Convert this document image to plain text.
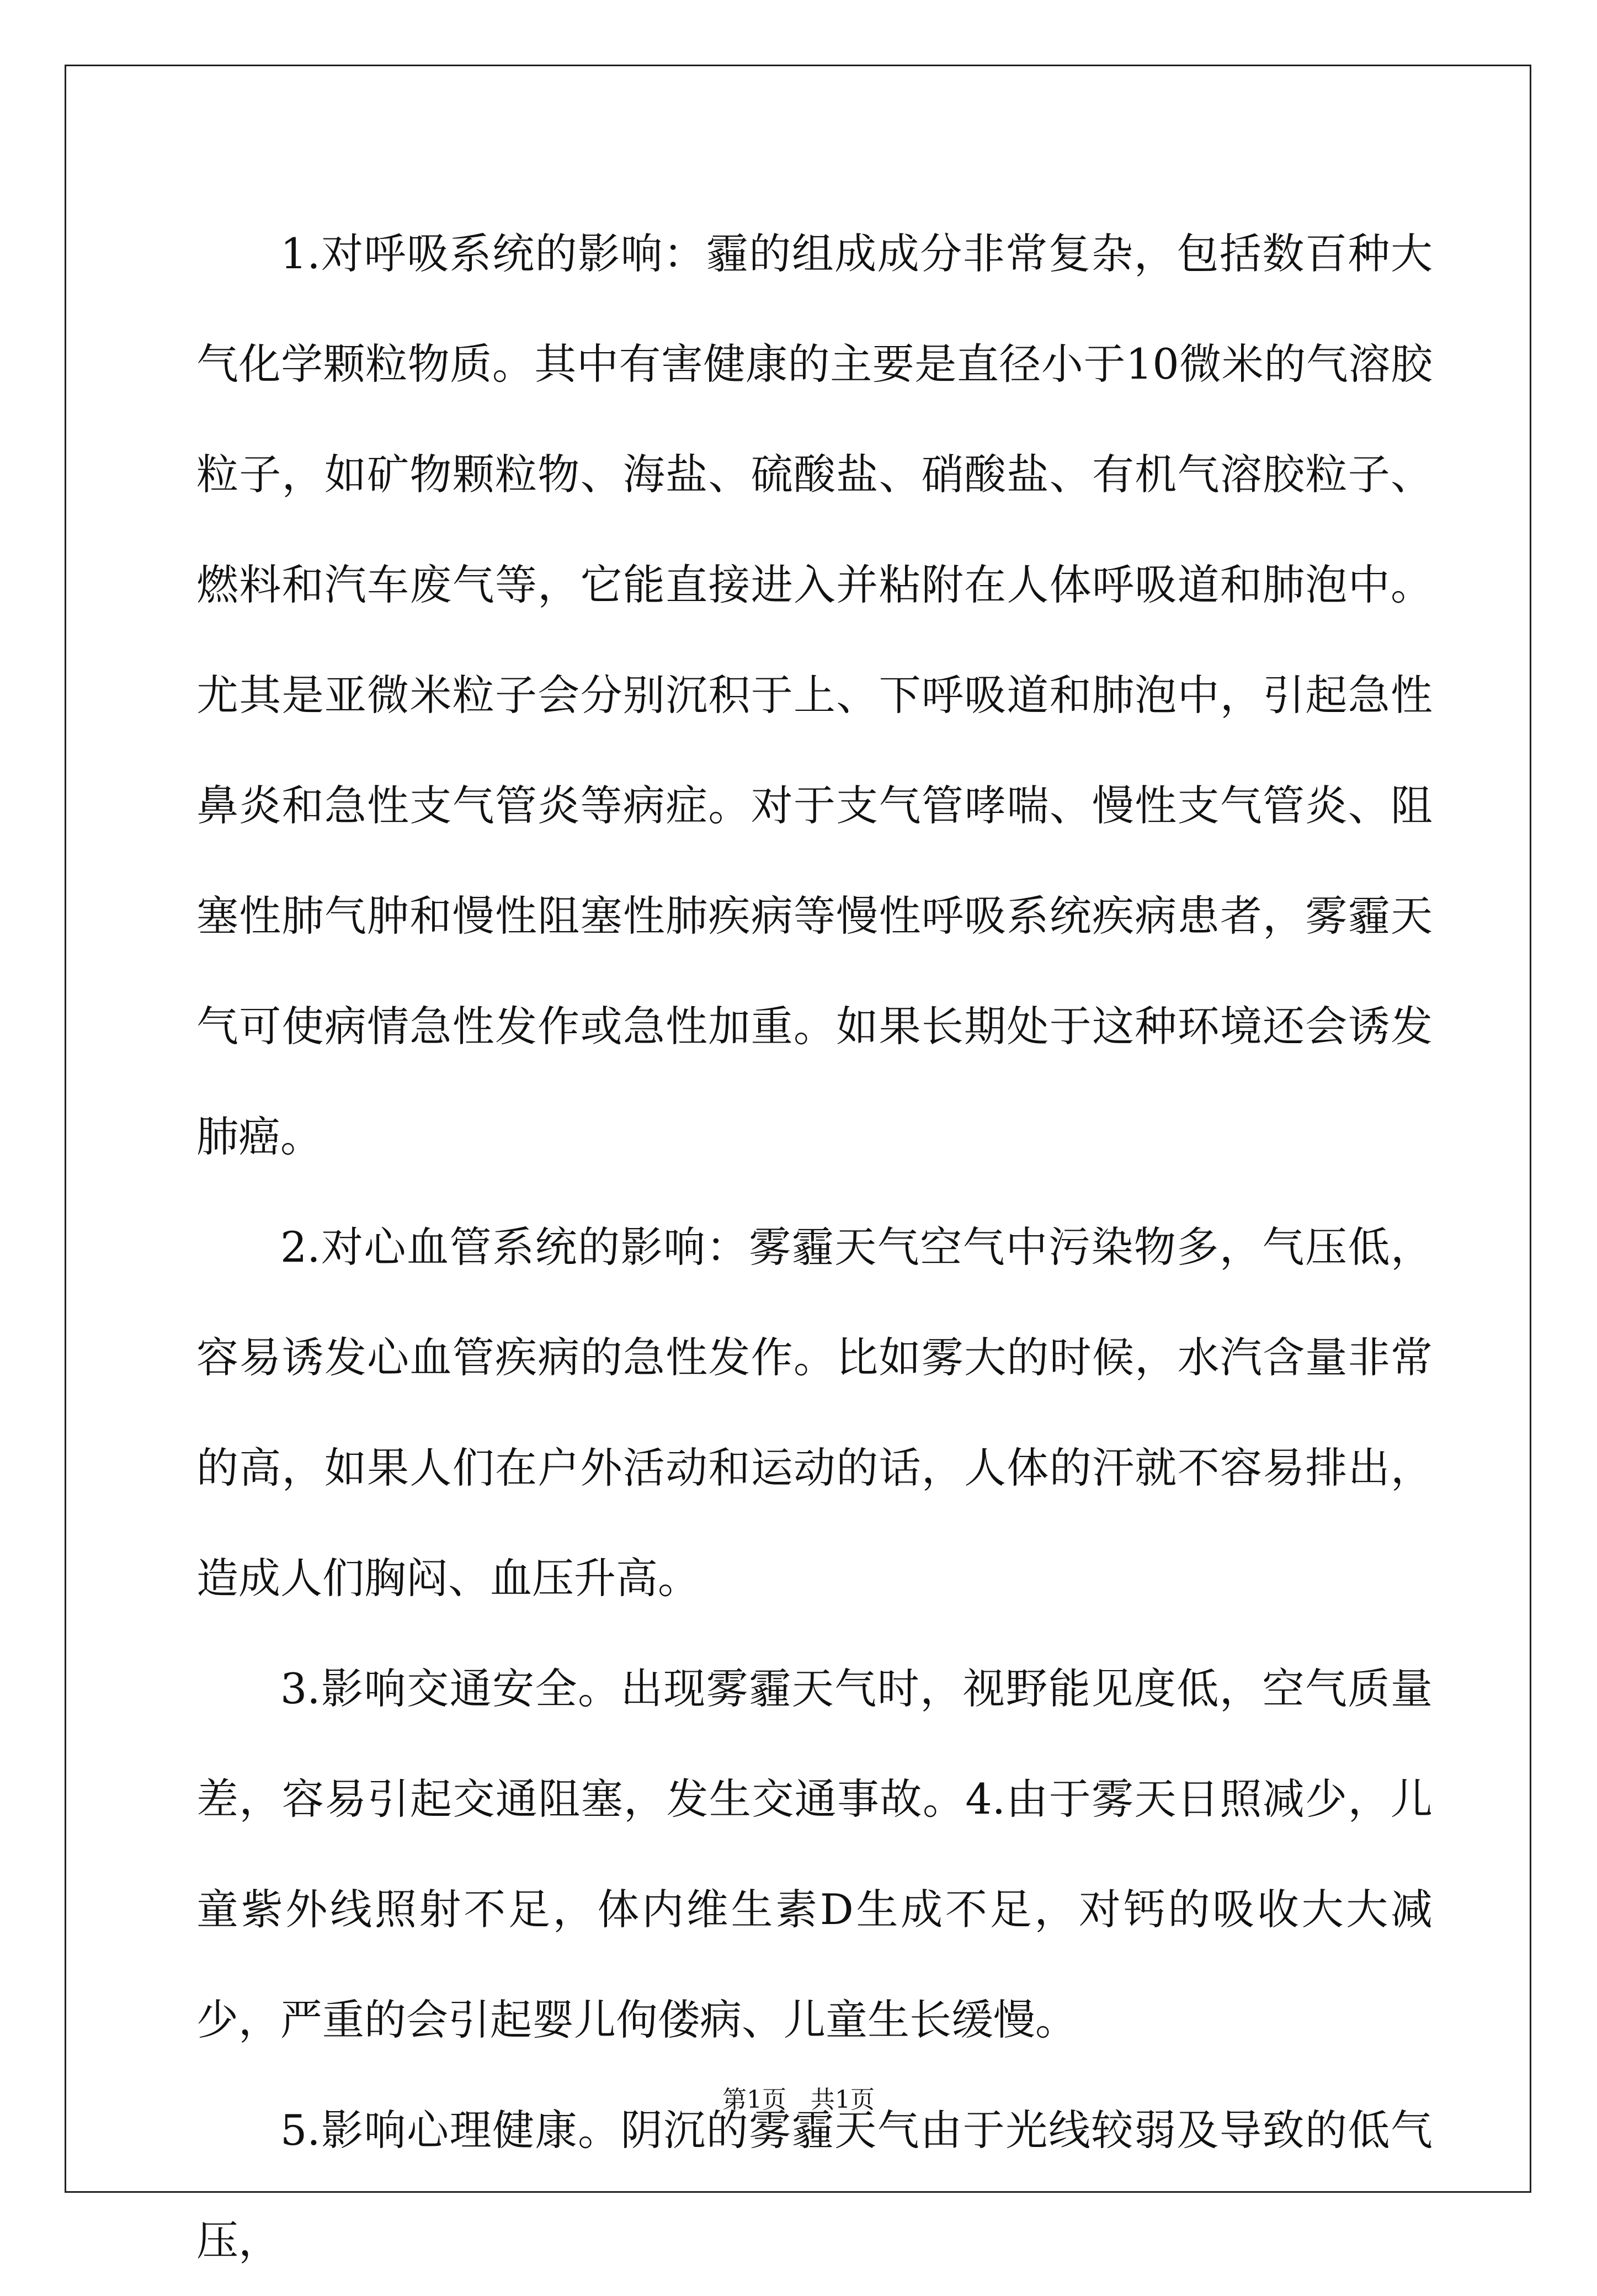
1.对呼吸系统的影响：霾的组成成分非常复杂，包括数百种大气化学颗粒物质。其中有害健康的主要是直径小于10微米的气溶胶粒子，如矿物颗粒物、海盐、硫酸盐、硝酸盐、有机气溶胶粒子、燃料和汽车废气等，它能直接进入并粘附在人体呼吸道和肺泡中。尤其是亚微米粒子会分别沉积于上、下呼吸道和肺泡中，引起急性鼻炎和急性支气管炎等病症。对于支气管哮喘、慢性支气管炎、阻塞性肺气肿和慢性阻塞性肺疾病等慢性呼吸系统疾病患者，雾霾天气可使病情急性发作或急性加重。如果长期处于这种环境还会诱发肺癌。

2.对心血管系统的影响：雾霾天气空气中污染物多，气压低，容易诱发心血管疾病的急性发作。比如雾大的时候，水汽含量非常的高，如果人们在户外活动和运动的话，人体的汗就不容易排出，造成人们胸闷、血压升高。

3.影响交通安全。出现雾霾天气时，视野能见度低，空气质量差，容易引起交通阻塞，发生交通事故。4.由于雾天日照减少，儿童紫外线照射不足，体内维生素D生成不足，对钙的吸收大大减少，严重的会引起婴儿佝偻病、儿童生长缓慢。

5.影响心理健康。阴沉的雾霾天气由于光线较弱及导致的低气压，

第1页　共1页
